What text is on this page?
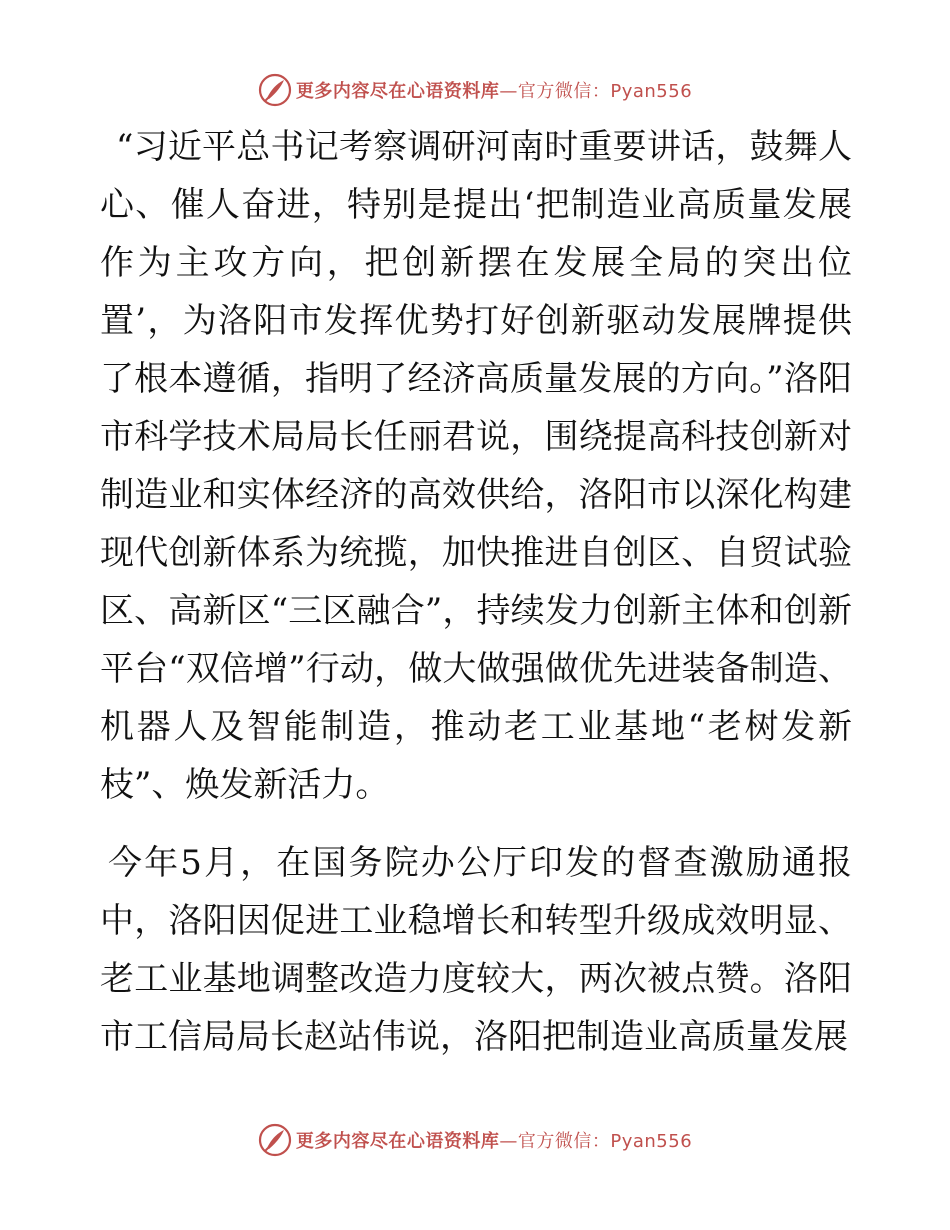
更多内容尽在心语资料库—官方微信：Pyan556

“习近平总书记考察调研河南时重要讲话，鼓舞人心、催人奋进，特别是提出‘把制造业高质量发展作为主攻方向，把创新摆在发展全局的突出位置’，为洛阳市发挥优势打好创新驱动发展牌提供了根本遵循，指明了经济高质量发展的方向。”洛阳市科学技术局局长任丽君说，围绕提高科技创新对制造业和实体经济的高效供给，洛阳市以深化构建现代创新体系为统揽，加快推进自创区、自贸试验区、高新区“三区融合”，持续发力创新主体和创新平台“双倍增”行动，做大做强做优先进装备制造、机器人及智能制造，推动老工业基地“老树发新枝”、焕发新活力。

今年5月，在国务院办公厅印发的督查激励通报中，洛阳因促进工业稳增长和转型升级成效明显、老工业基地调整改造力度较大，两次被点赞。洛阳市工信局局长赵站伟说，洛阳把制造业高质量发展

更多内容尽在心语资料库—官方微信：Pyan556
